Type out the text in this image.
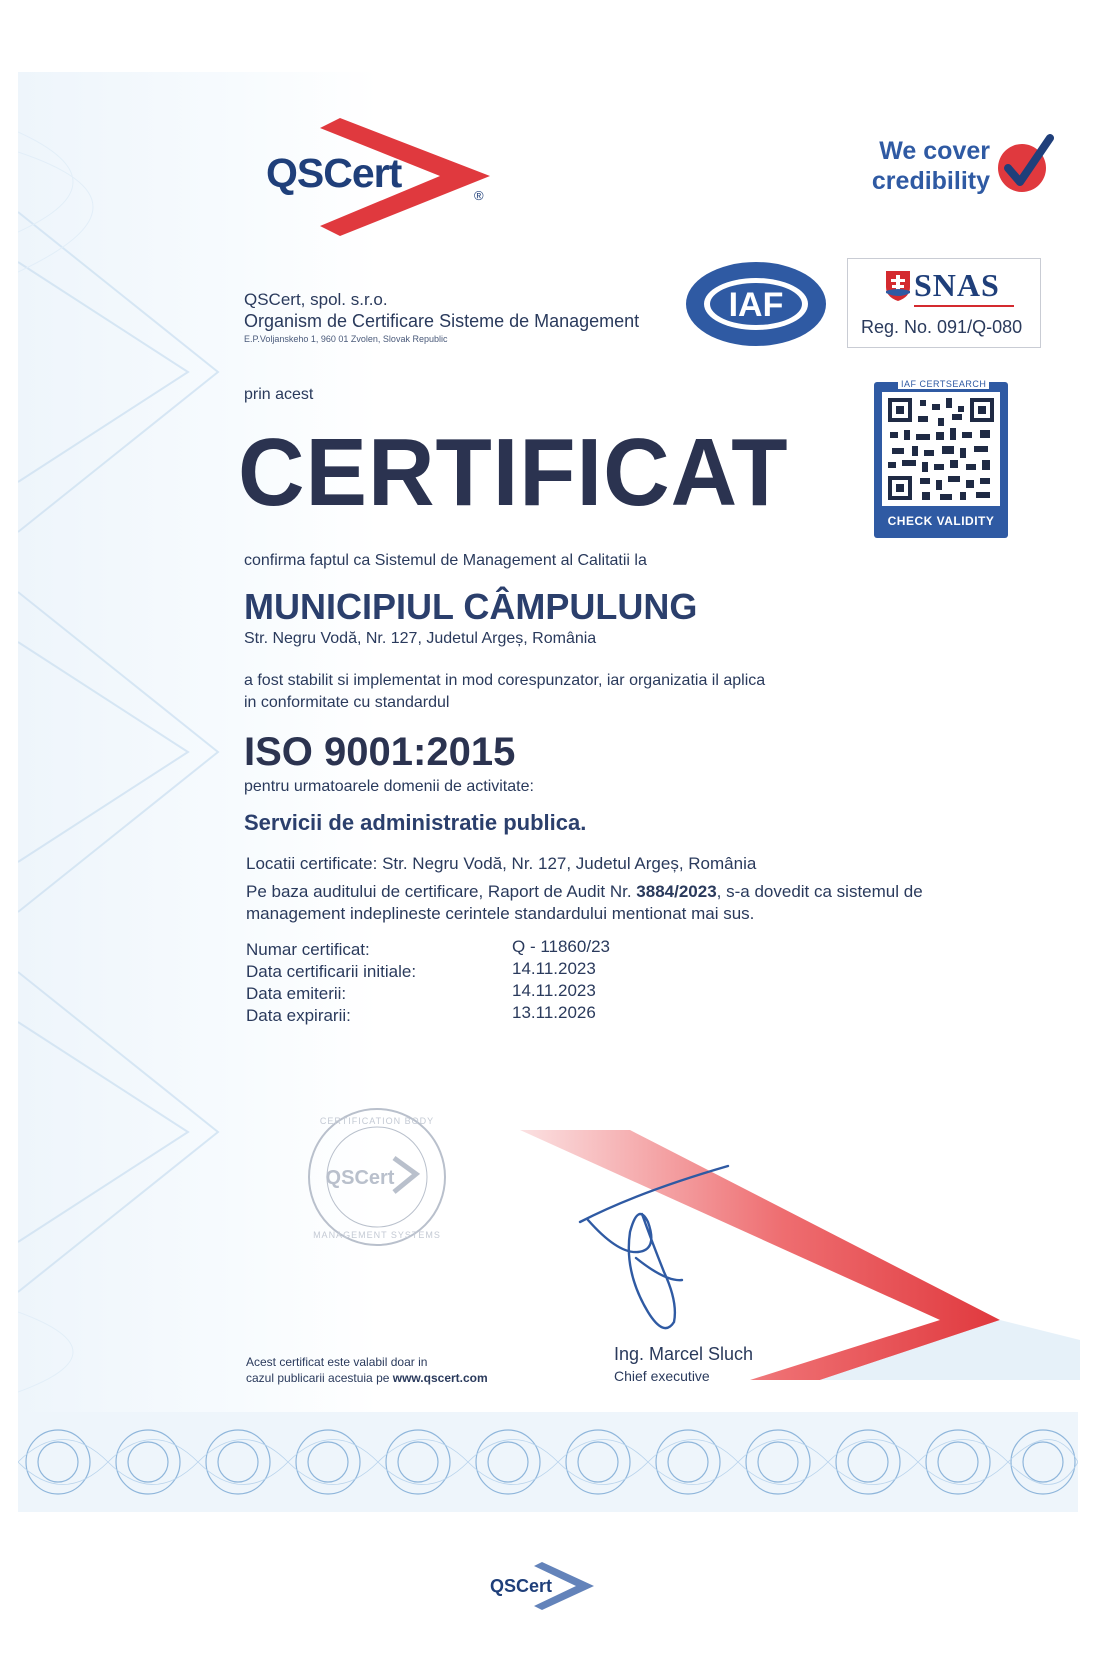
QSCert	®
We cover
credibility
QSCert, spol. s.r.o.
Organism de Certificare Sisteme de Management
E.P.Voljanskeho 1, 960 01 Zvolen, Slovak Republic
IAF
SNAS
Reg. No. 091/Q-080
IAF CERTSEARCH
CHECK VALIDITY
prin acest
CERTIFICAT
confirma faptul ca Sistemul de Management al Calitatii la
MUNICIPIUL CÂMPULUNG
Str. Negru Vodă, Nr. 127, Judetul Argeș, România
a fost stabilit si implementat in mod corespunzator, iar organizatia il aplica
in conformitate cu standardul
ISO 9001:2015
pentru urmatoarele domenii de activitate:
Servicii de administratie publica.
Locatii certificate: Str. Negru Vodă, Nr. 127, Judetul Argeș, România
Pe baza auditului de certificare, Raport de Audit Nr. 3884/2023, s-a dovedit ca sistemul de
management indeplineste cerintele standardului mentionat mai sus.
Numar certificat:	Q - 11860/23
Data certificarii initiale:	14.11.2023
Data emiterii:	14.11.2023
Data expirarii:	13.11.2026
QSCert
CERTIFICATION BODY
MANAGEMENT SYSTEMS
Acest certificat este valabil doar in
cazul publicarii acestuia pe www.qscert.com
Ing. Marcel Sluch
Chief executive
QSCert
